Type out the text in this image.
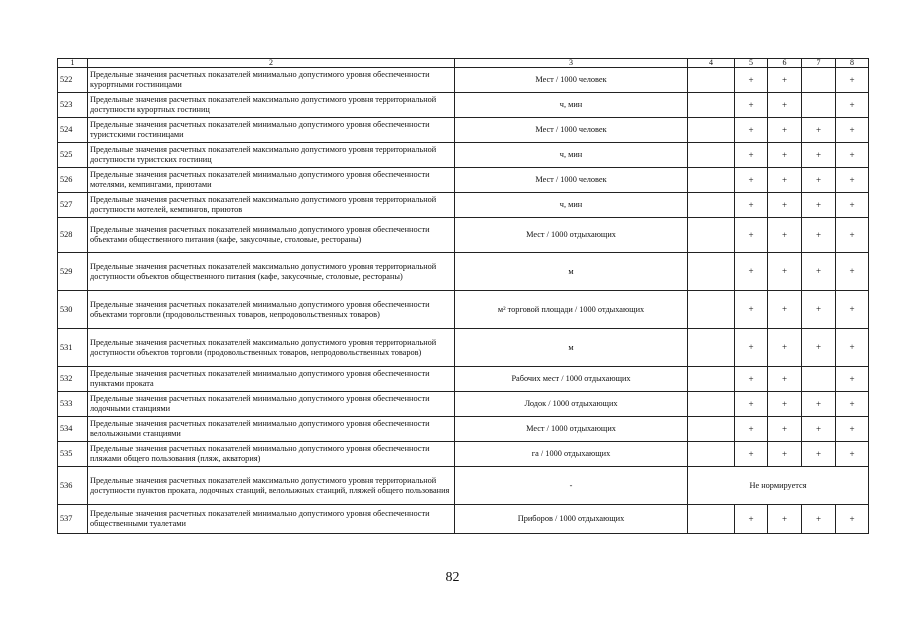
1	2	3	4	5	6	7	8
522	Предельные значения расчетных показателей минимально допустимого уровня обеспеченности курортными гостиницами	Мест / 1000 человек		+	+		+
523	Предельные значения расчетных показателей максимально допустимого уровня территориальной доступности курортных гостиниц	ч, мин		+	+		+
524	Предельные значения расчетных показателей минимально допустимого уровня обеспеченности туристскими гостиницами	Мест / 1000 человек		+	+	+	+
525	Предельные значения расчетных показателей максимально допустимого уровня территориальной доступности туристских гостиниц	ч, мин		+	+	+	+
526	Предельные значения расчетных показателей минимально допустимого уровня обеспеченности мотелями, кемпингами, приютами	Мест / 1000 человек		+	+	+	+
527	Предельные значения расчетных показателей максимально допустимого уровня территориальной доступности мотелей, кемпингов, приютов	ч, мин		+	+	+	+
528	Предельные значения расчетных показателей минимально допустимого уровня обеспеченности объектами общественного питания (кафе, закусочные, столовые, рестораны)	Мест / 1000 отдыхающих		+	+	+	+
529	Предельные значения расчетных показателей максимально допустимого уровня территориальной доступности объектов общественного питания (кафе, закусочные, столовые, рестораны)	м		+	+	+	+
530	Предельные значения расчетных показателей минимально допустимого уровня обеспеченности объектами торговли (продовольственных товаров, непродовольственных товаров)	м² торговой площади / 1000 отдыхающих		+	+	+	+
531	Предельные значения расчетных показателей максимально допустимого уровня территориальной доступности объектов торговли (продовольственных товаров, непродовольственных товаров)	м		+	+	+	+
532	Предельные значения расчетных показателей минимально допустимого уровня обеспеченности пунктами проката	Рабочих мест / 1000 отдыхающих		+	+		+
533	Предельные значения расчетных показателей минимально допустимого уровня обеспеченности лодочными станциями	Лодок / 1000 отдыхающих		+	+	+	+
534	Предельные значения расчетных показателей минимально допустимого уровня обеспеченности велолыжными станциями	Мест / 1000 отдыхающих		+	+	+	+
535	Предельные значения расчетных показателей минимально допустимого уровня обеспеченности пляжами общего пользования (пляж, акватория)	га / 1000 отдыхающих		+	+	+	+
536	Предельные значения расчетных показателей максимально допустимого уровня территориальной доступности пунктов проката, лодочных станций, велолыжных станций, пляжей общего пользования	-	Не нормируется				
537	Предельные значения расчетных показателей минимально допустимого уровня обеспеченности общественными туалетами	Приборов / 1000 отдыхающих		+	+	+	+
82
